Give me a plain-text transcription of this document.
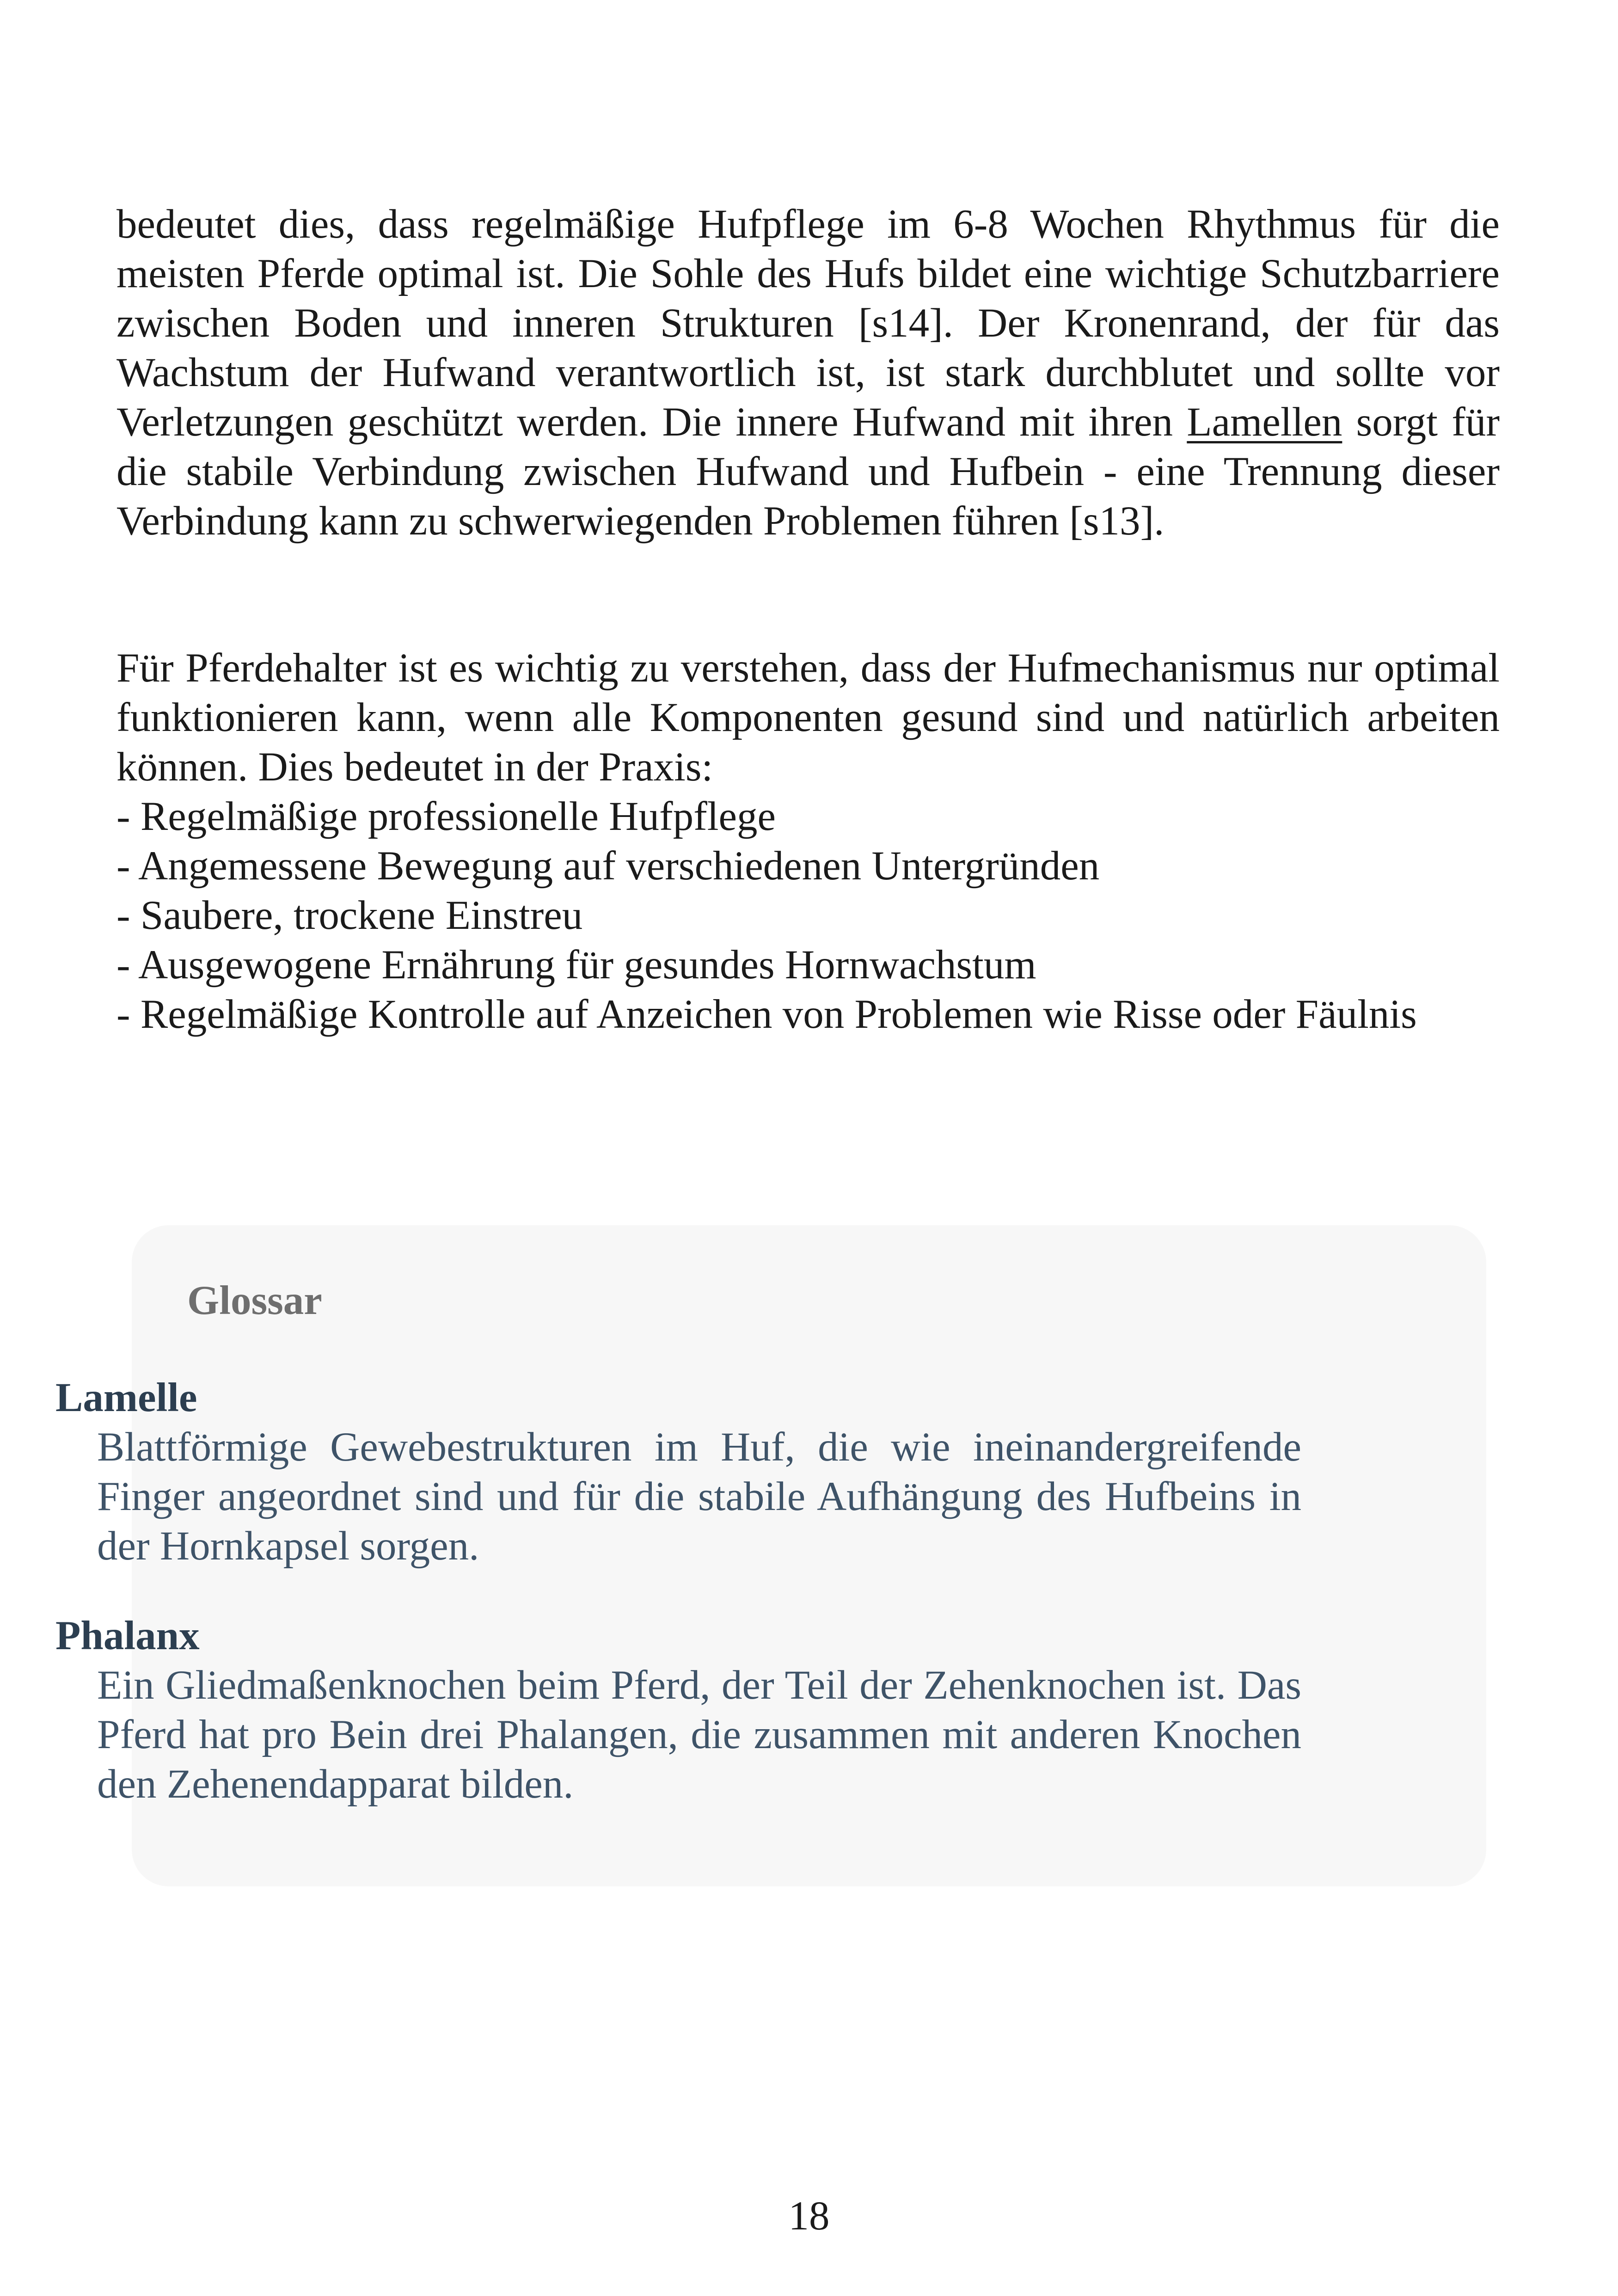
bedeutet dies, dass regelmäßige Hufpflege im 6-8 Wochen Rhythmus für die meisten Pferde optimal ist. Die Sohle des Hufs bildet eine wichtige Schutzbarriere zwischen Boden und inneren Strukturen [s14]. Der Kronenrand, der für das Wachstum der Hufwand verantwortlich ist, ist stark durchblutet und sollte vor Verletzungen geschützt werden. Die innere Hufwand mit ihren Lamellen sorgt für die stabile Verbindung zwischen Hufwand und Hufbein - eine Trennung dieser Verbindung kann zu schwerwiegenden Problemen führen [s13].

Für Pferdehalter ist es wichtig zu verstehen, dass der Hufmechanismus nur optimal funktionieren kann, wenn alle Komponenten gesund sind und natürlich arbeiten können. Dies bedeutet in der Praxis:

- Regelmäßige professionelle Hufpflege
- Angemessene Bewegung auf verschiedenen Untergründen
- Saubere, trockene Einstreu
- Ausgewogene Ernährung für gesundes Hornwachstum
- Regelmäßige Kontrolle auf Anzeichen von Problemen wie Risse oder Fäulnis

Glossar

Lamelle

Blattförmige Gewebestrukturen im Huf, die wie ineinandergreifende Finger angeordnet sind und für die stabile Aufhängung des Hufbeins in der Hornkapsel sorgen.

Phalanx

Ein Gliedmaßenknochen beim Pferd, der Teil der Zehenknochen ist. Das Pferd hat pro Bein drei Phalangen, die zusammen mit anderen Knochen den Zehenendapparat bilden.

18
